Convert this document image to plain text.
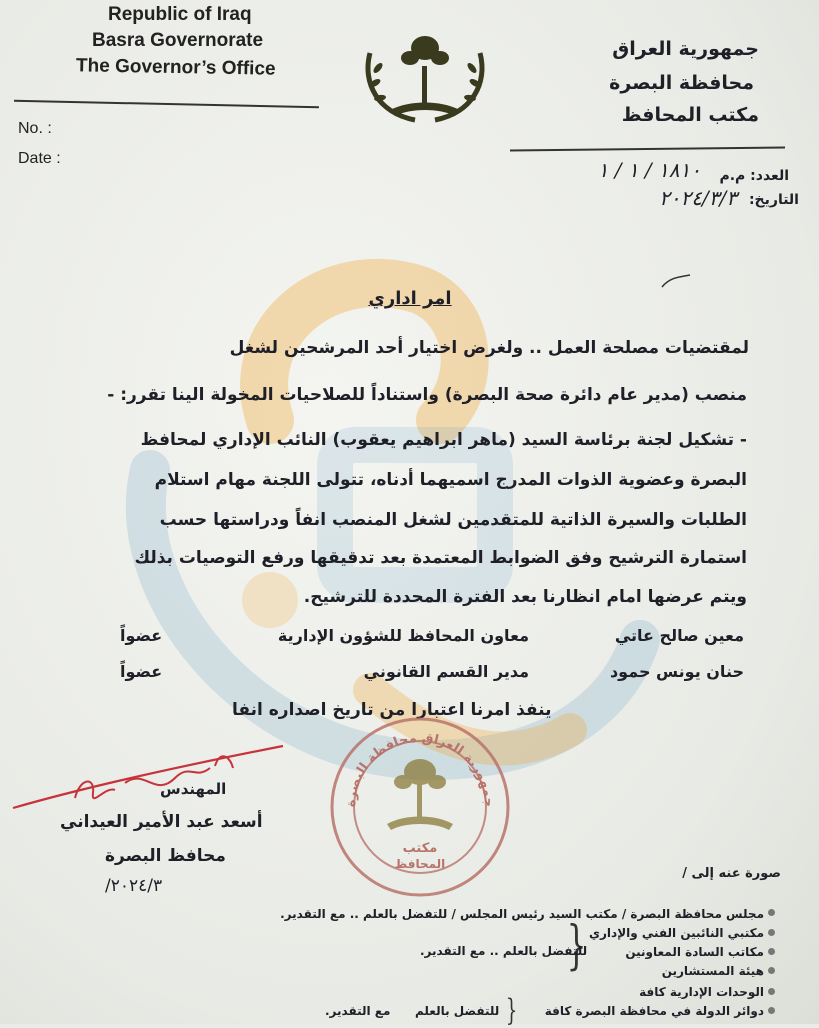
Republic of Iraq
Basra Governorate
The Governor’s Office
No. :
Date :
جمهورية العراق
محافظة البصرة
مكتب المحافظ
العدد: م.م
١٨١٠ / ١ / ١
التاريخ:
٢٠٢٤/٣/٣
امر اداري
لمقتضيات مصلحة العمل .. ولغرض اختيار أحد المرشحين لشغل
منصب (مدير عام دائرة صحة البصرة) واستناداً للصلاحيات المخولة الينا تقرر: -
- تشكيل لجنة برئاسة السيد (ماهر ابراهيم يعقوب) النائب الإداري لمحافظ
البصرة وعضوية الذوات المدرج اسميهما أدناه، تتولى اللجنة مهام استلام
الطلبات والسيرة الذاتية للمتقدمين لشغل المنصب انفاً ودراستها حسب
استمارة الترشيح وفق الضوابط المعتمدة بعد تدقيقها ورفع التوصيات بذلك
ويتم عرضها امام انظارنا بعد الفترة المحددة للترشيح.
معين صالح عاتي
معاون المحافظ للشؤون الإدارية
عضواً
حنان يونس حمود
مدير القسم القانوني
عضواً
ينفذ امرنا اعتبارا من تاريخ اصداره انفا
المهندس
أسعد عبد الأمير العيداني
محافظ البصرة
٢٠٢٤/٣/
جمهورية العراق محافظة البصرة
مكتب
المحافظ
صورة عنه إلى /
مجلس محافظة البصرة / مكتب السيد رئيس المجلس / للتفضل بالعلم .. مع التقدير.
مكتبي النائبين الفني والإداري
مكاتب السادة المعاونين
هيئة المستشارين
الوحدات الإدارية كافة
دوائر الدولة في محافظة البصرة كافة
}
للتفضل بالعلم .. مع التقدير.
}
للتفضل بالعلم
مع التقدير.
